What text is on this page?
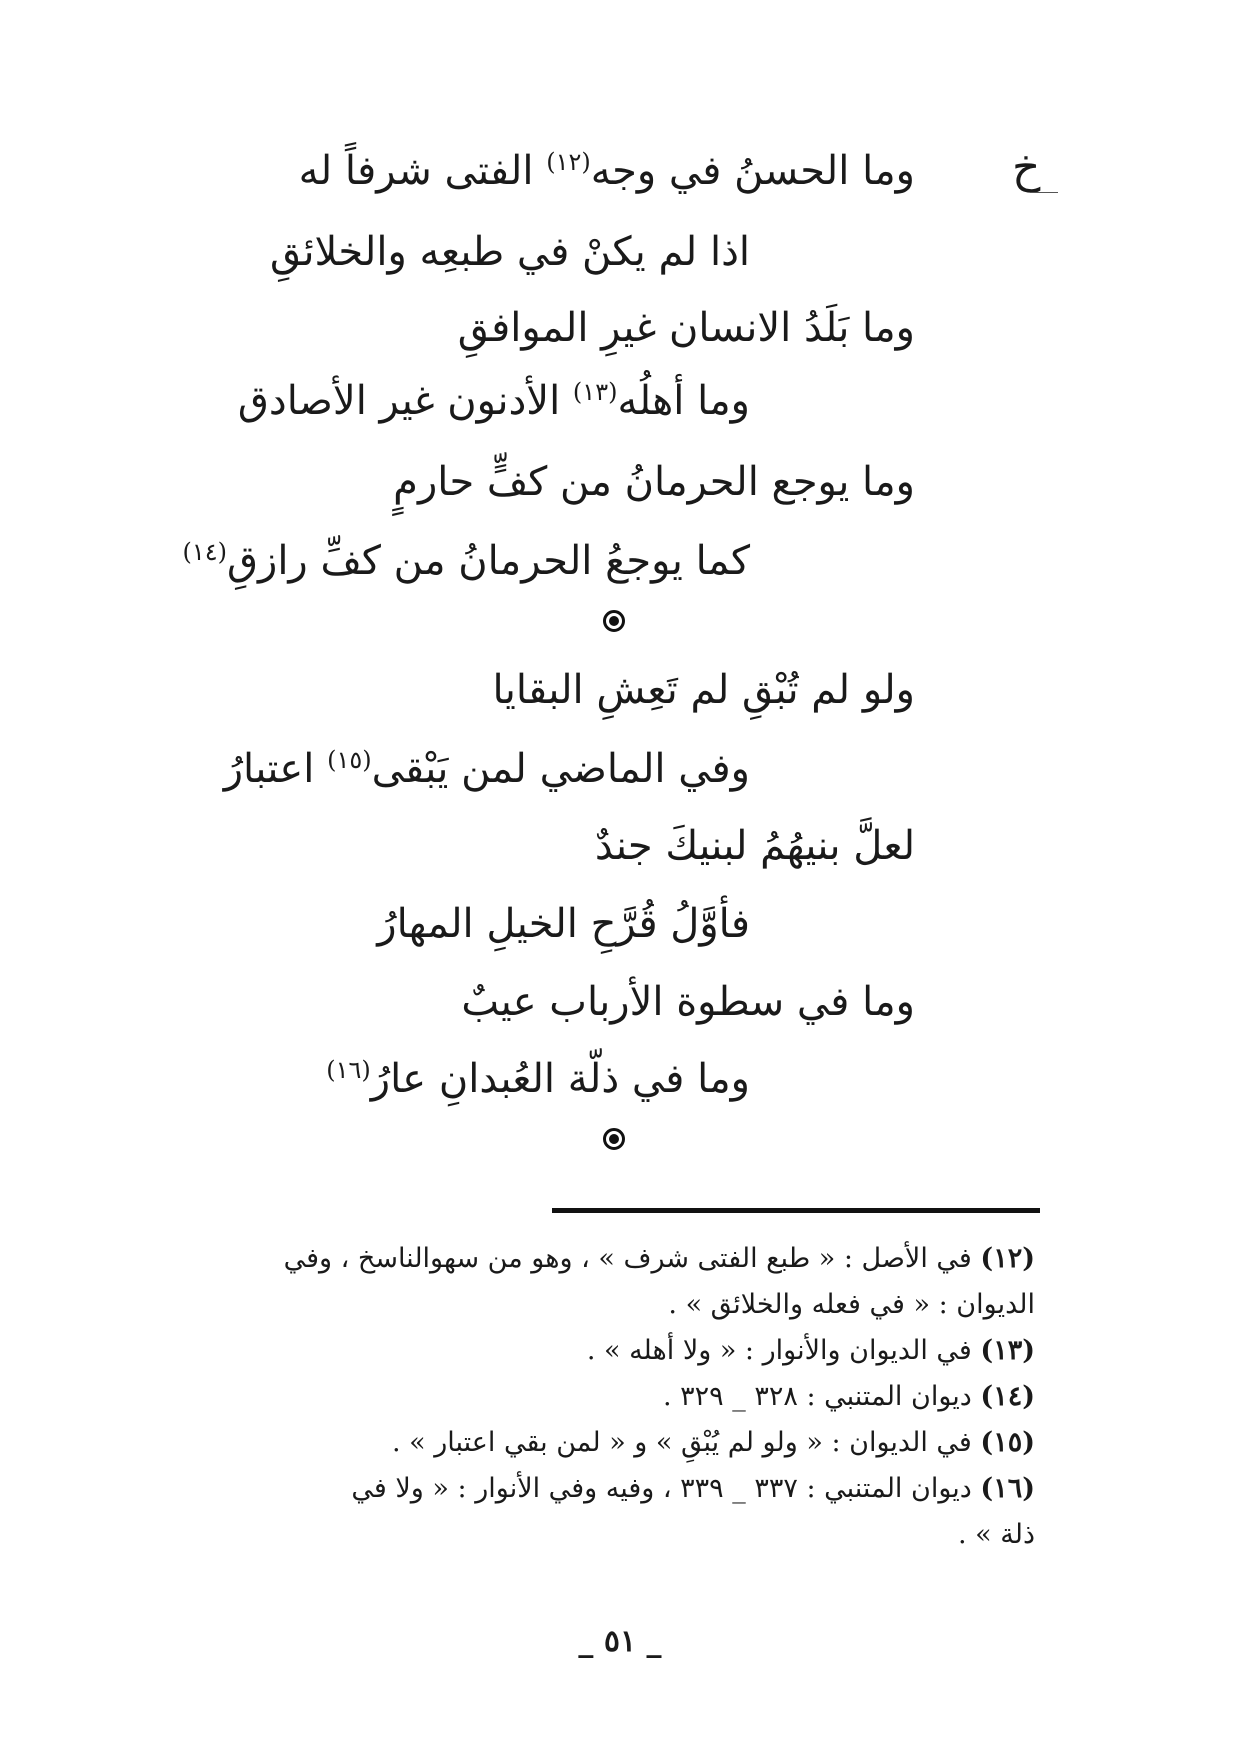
خ
وما الحسنُ في وجه$^{(١٢)}$ الفتى شرفاً له
اذا لم يكنْ في طبعِه والخلائقِ
وما بَلَدُ الانسان غيرِ الموافقِ
وما أهلُه$^{(١٣)}$ الأدنون غير الأصادق
وما يوجع الحرمانُ من كفٍّ حارمٍ
كما يوجعُ الحرمانُ من كفِّ رازقِ$^{(١٤)}$
ولو لم تُبْقِ لم تَعِشِ البقايا
وفي الماضي لمن يَبْقى$^{(١٥)}$ اعتبارُ
لعلَّ بنيهُمُ لبنيكَ جندٌ
فأوَّلُ قُرَّحِ الخيلِ المهارُ
وما في سطوة الأرباب عيبٌ
وما في ذلّة العُبدانِ عارُ$^{(١٦)}$
(١٢) في الأصل : « طبع الفتى شرف » ، وهو من سهوالناسخ ، وفي
الديوان : « في فعله والخلائق » .
(١٣) في الديوان والأنوار : « ولا أهله » .
(١٤) ديوان المتنبي : ٣٢٨ _ ٣٢٩ .
(١٥) في الديوان : « ولو لم يُبْقِ » و « لمن بقي اعتبار » .
(١٦) ديوان المتنبي : ٣٣٧ _ ٣٣٩ ، وفيه وفي الأنوار : « ولا في
ذلة » .
_ ٥١ _
